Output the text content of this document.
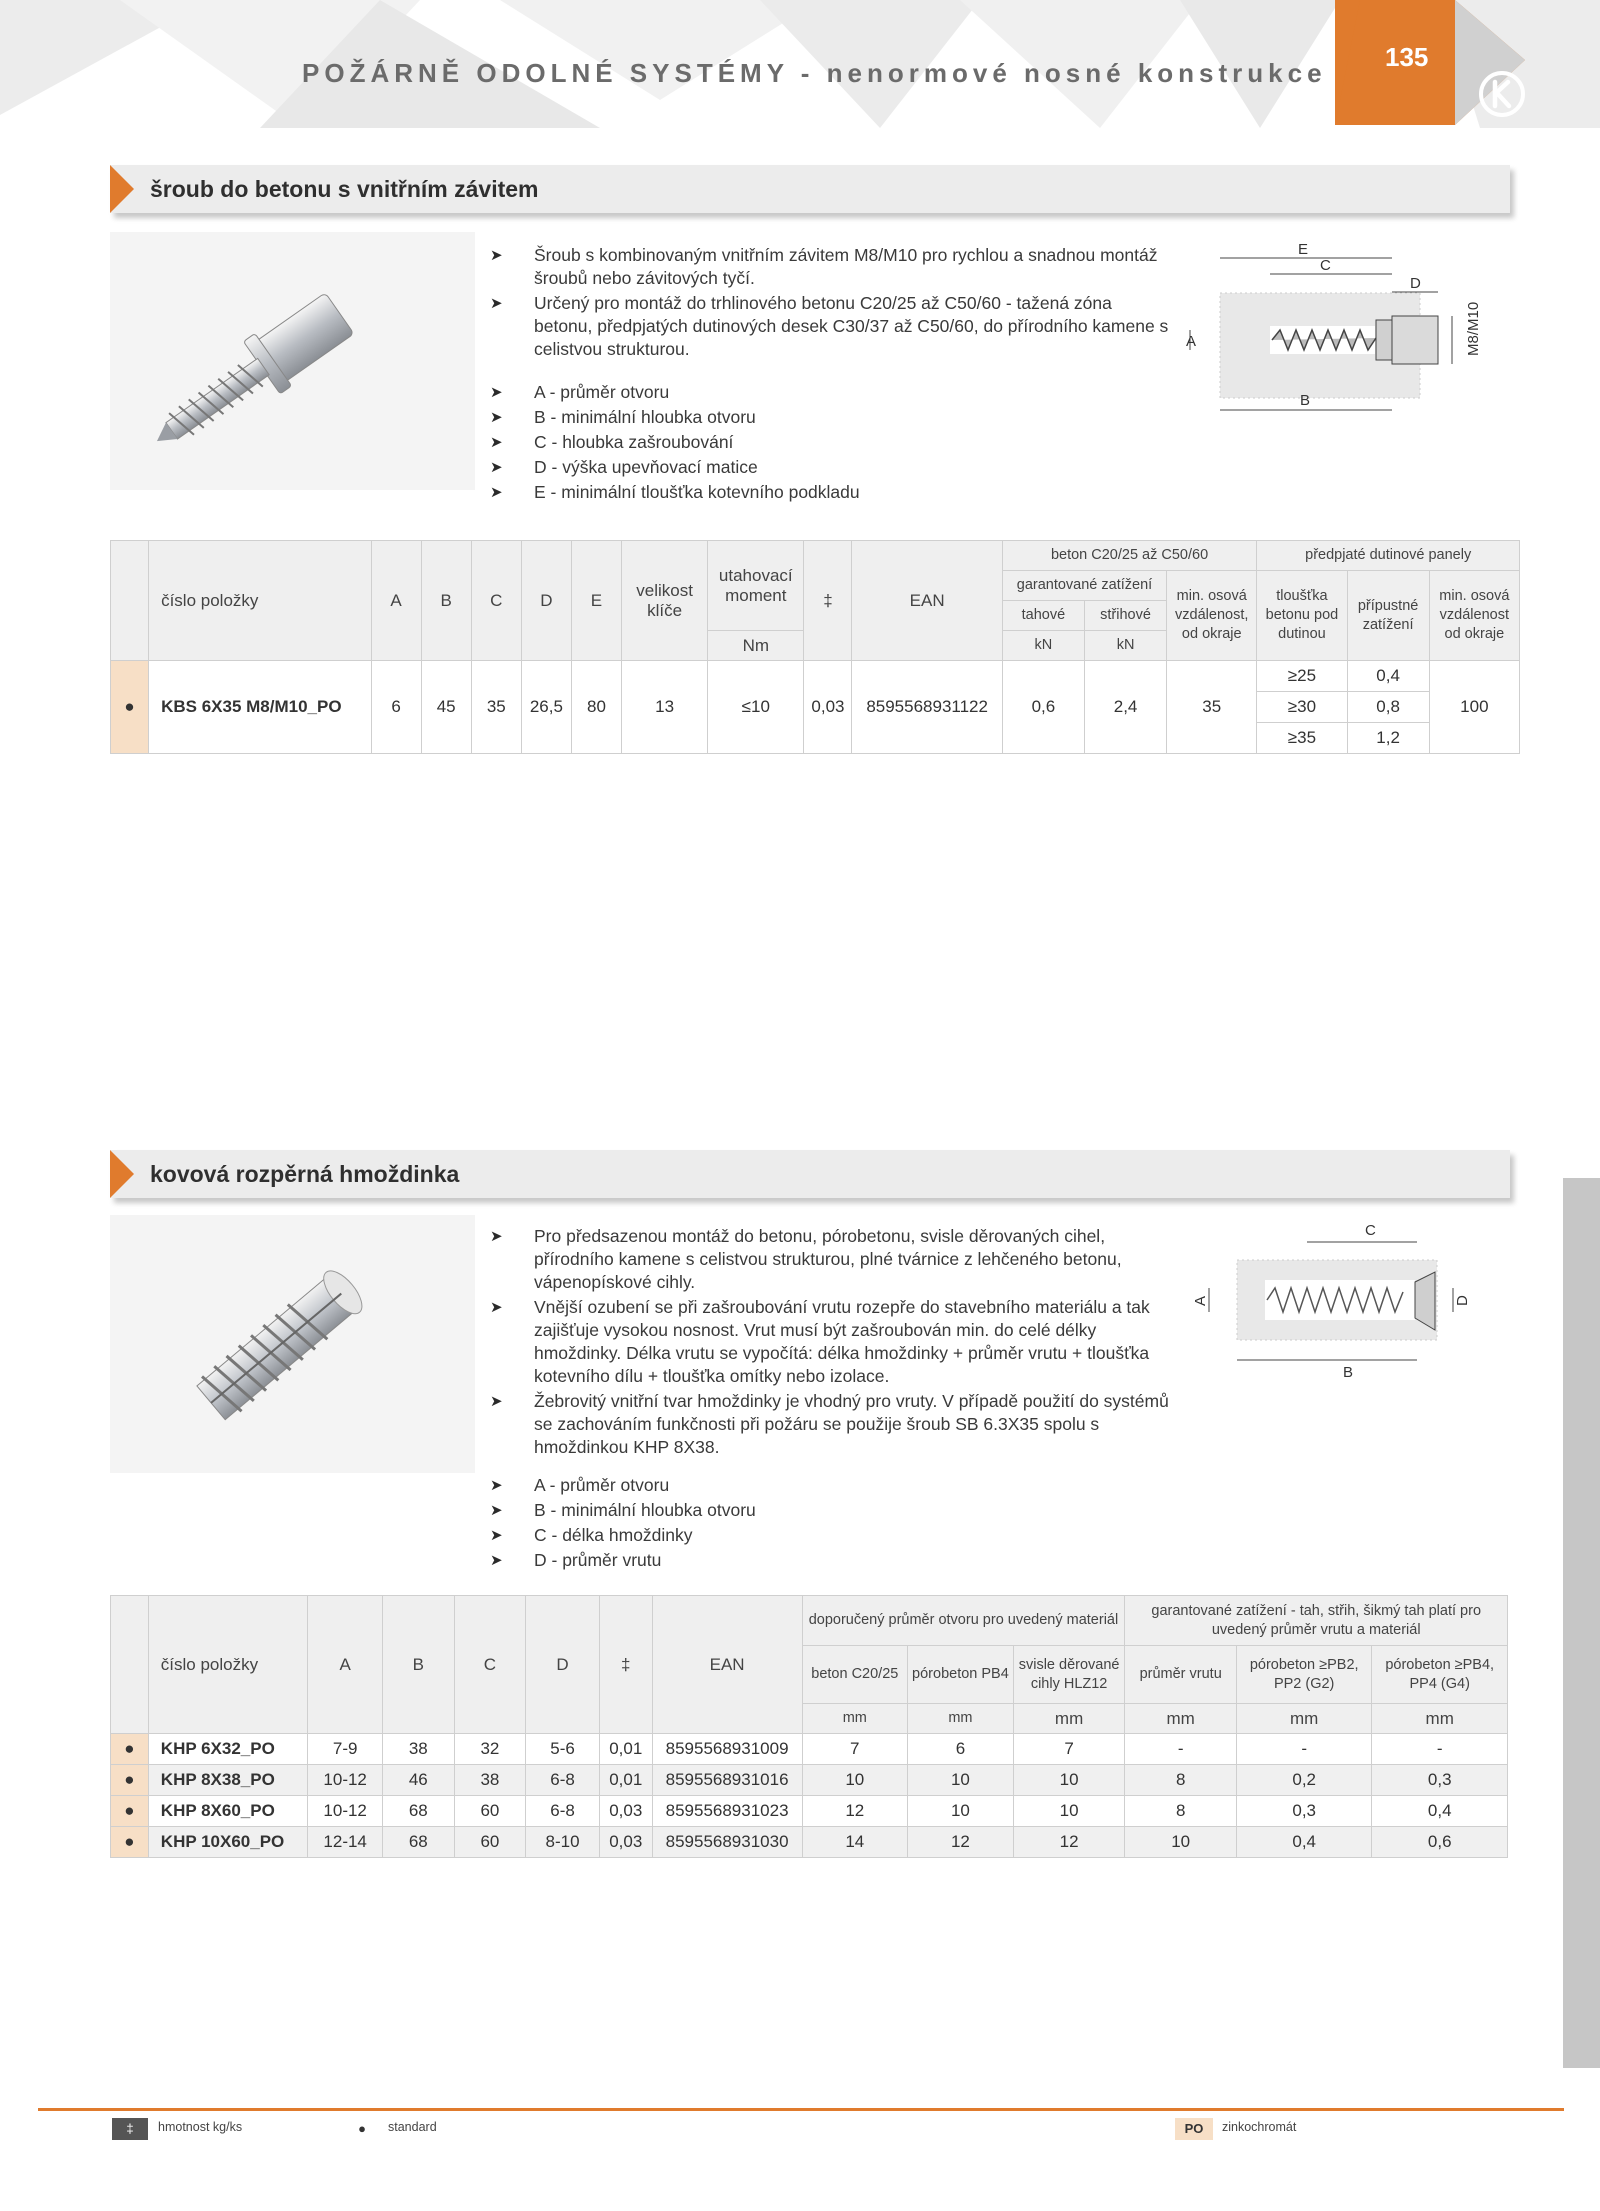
POŽÁRNĚ ODOLNÉ SYSTÉMY - nenormové nosné konstrukce
135
šroub do betonu s vnitřním závitem
➤ Šroub s kombinovaným vnitřním závitem M8/M10 pro rychlou a snadnou montáž šroubů nebo závitových tyčí.
➤ Určený pro montáž do trhlinového betonu C20/25 až C50/60 - tažená zóna betonu, předpjatých dutinových desek C30/37 až C50/60, do přírodního kamene s celistvou strukturou.
➤ A - průměr otvoru
➤ B - minimální hloubka otvoru
➤ C - hloubka zašroubování
➤ D - výška upevňovací matice
➤ E - minimální tloušťka kotevního podkladu
E
C
D
B
A	M8/M10
	číslo položky	A	B	C	D	E	velikost klíče	utahovací moment	‡	EAN	beton C20/25 až C50/60			předpjaté dutinové panely		
											garantované zatížení		min. osová vzdálenost, od okraje	tloušťka betonu pod dutinou	přípustné zatížení	min. osová vzdálenost od okraje
											tahové	střihové				
								Nm			kN	kN				
●	KBS 6X35 M8/M10_PO	6	45	35	26,5	80	13	≤10	0,03	8595568931122	0,6	2,4	35	≥25	0,4	100
														≥30	0,8	
														≥35	1,2	
kovová rozpěrná hmoždinka
➤ Pro předsazenou montáž do betonu, pórobetonu, svisle děrovaných cihel, přírodního kamene s celistvou strukturou, plné tvárnice z lehčeného betonu, vápenopískové cihly.
➤ Vnější ozubení se při zašroubování vrutu rozepře do stavebního materiálu a tak zajišťuje vysokou nosnost. Vrut musí být zašroubován min. do celé délky hmoždinky. Délka vrutu se vypočítá: délka hmoždinky + průměr vrutu + tloušťka kotevního dílu + tloušťka omítky nebo izolace.
➤ Žebrovitý vnitřní tvar hmoždinky je vhodný pro vruty. V případě použití do systémů se zachováním funkčnosti při požáru se použije šroub SB 6.3X35 spolu s hmoždinkou KHP 8X38.
➤ A - průměr otvoru
➤ B - minimální hloubka otvoru
➤ C - délka hmoždinky
➤ D - průměr vrutu
C
B
A	D
	číslo položky	A	B	C	D	‡	EAN	doporučený průměr otvoru pro uvedený materiál			garantované zatížení - tah, střih, šikmý tah platí pro uvedený průměr vrutu a materiál		
								beton C20/25	pórobeton PB4	svisle děrované cihly HLZ12	průměr vrutu	pórobeton ≥PB2, PP2 (G2)	pórobeton ≥PB4, PP4 (G4)
								mm	mm	mm	mm	mm	mm
●	KHP 6X32_PO	7-9	38	32	5-6	0,01	8595568931009	7	6	7	-	-	-
●	KHP 8X38_PO	10-12	46	38	6-8	0,01	8595568931016	10	10	10	8	0,2	0,3
●	KHP 8X60_PO	10-12	68	60	6-8	0,03	8595568931023	12	10	10	8	0,3	0,4
●	KHP 10X60_PO	12-14	68	60	8-10	0,03	8595568931030	14	12	12	10	0,4	0,6
‡	hmotnost kg/ks	●	standard	PO	zinkochromát
